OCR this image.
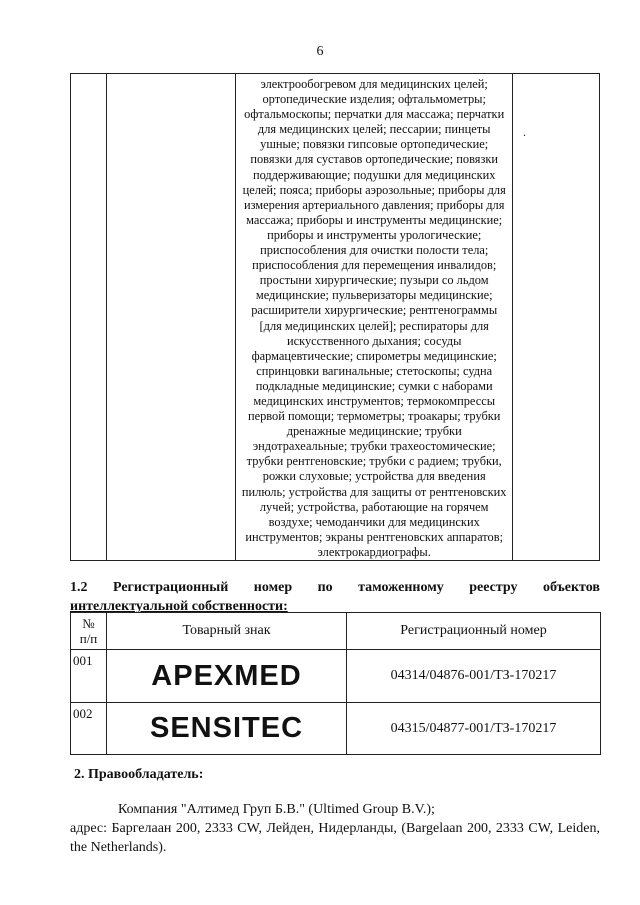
6

электрообогревом для медицинских целей;
ортопедические изделия; офтальмометры;
офтальмоскопы; перчатки для массажа; перчатки
для медицинских целей; пессарии; пинцеты
ушные; повязки гипсовые ортопедические;
повязки для суставов ортопедические; повязки
поддерживающие; подушки для медицинских
целей; пояса; приборы аэрозольные; приборы для
измерения артериального давления; приборы для
массажа; приборы и инструменты медицинские;
приборы и инструменты урологические;
приспособления для очистки полости тела;
приспособления для перемещения инвалидов;
простыни хирургические; пузыри со льдом
медицинские; пульверизаторы медицинские;
расширители хирургические; рентгенограммы
[для медицинских целей]; респираторы для
искусственного дыхания; сосуды
фармацевтические; спирометры медицинские;
спринцовки вагинальные; стетоскопы; судна
подкладные медицинские; сумки с наборами
медицинских инструментов; термокомпрессы
первой помощи; термометры; троакары; трубки
дренажные медицинские; трубки
эндотрахеальные; трубки трахеостомические;
трубки рентгеновские; трубки с радием; трубки,
рожки слуховые; устройства для введения
пилюль; устройства для защиты от рентгеновских
лучей; устройства, работающие на горячем
воздухе; чемоданчики для медицинских
инструментов; экраны рентгеновских аппаратов;
электрокардиографы.

.
1.2 Регистрационный номер по таможенному реестру объектов
интеллектуальной собственности:
№
п/п	Товарный знак	Регистрационный номер
001	APEXMED	04314/04876-001/ТЗ-170217
002	SENSITEC	04315/04877-001/ТЗ-170217
2. Правообладатель:
Компания "Алтимед Груп Б.В." (Ultimed Group B.V.);
адрес: Баргелаан 200, 2333 CW, Лейден, Нидерланды, (Bargelaan 200, 2333 CW, Leiden, the Netherlands).
